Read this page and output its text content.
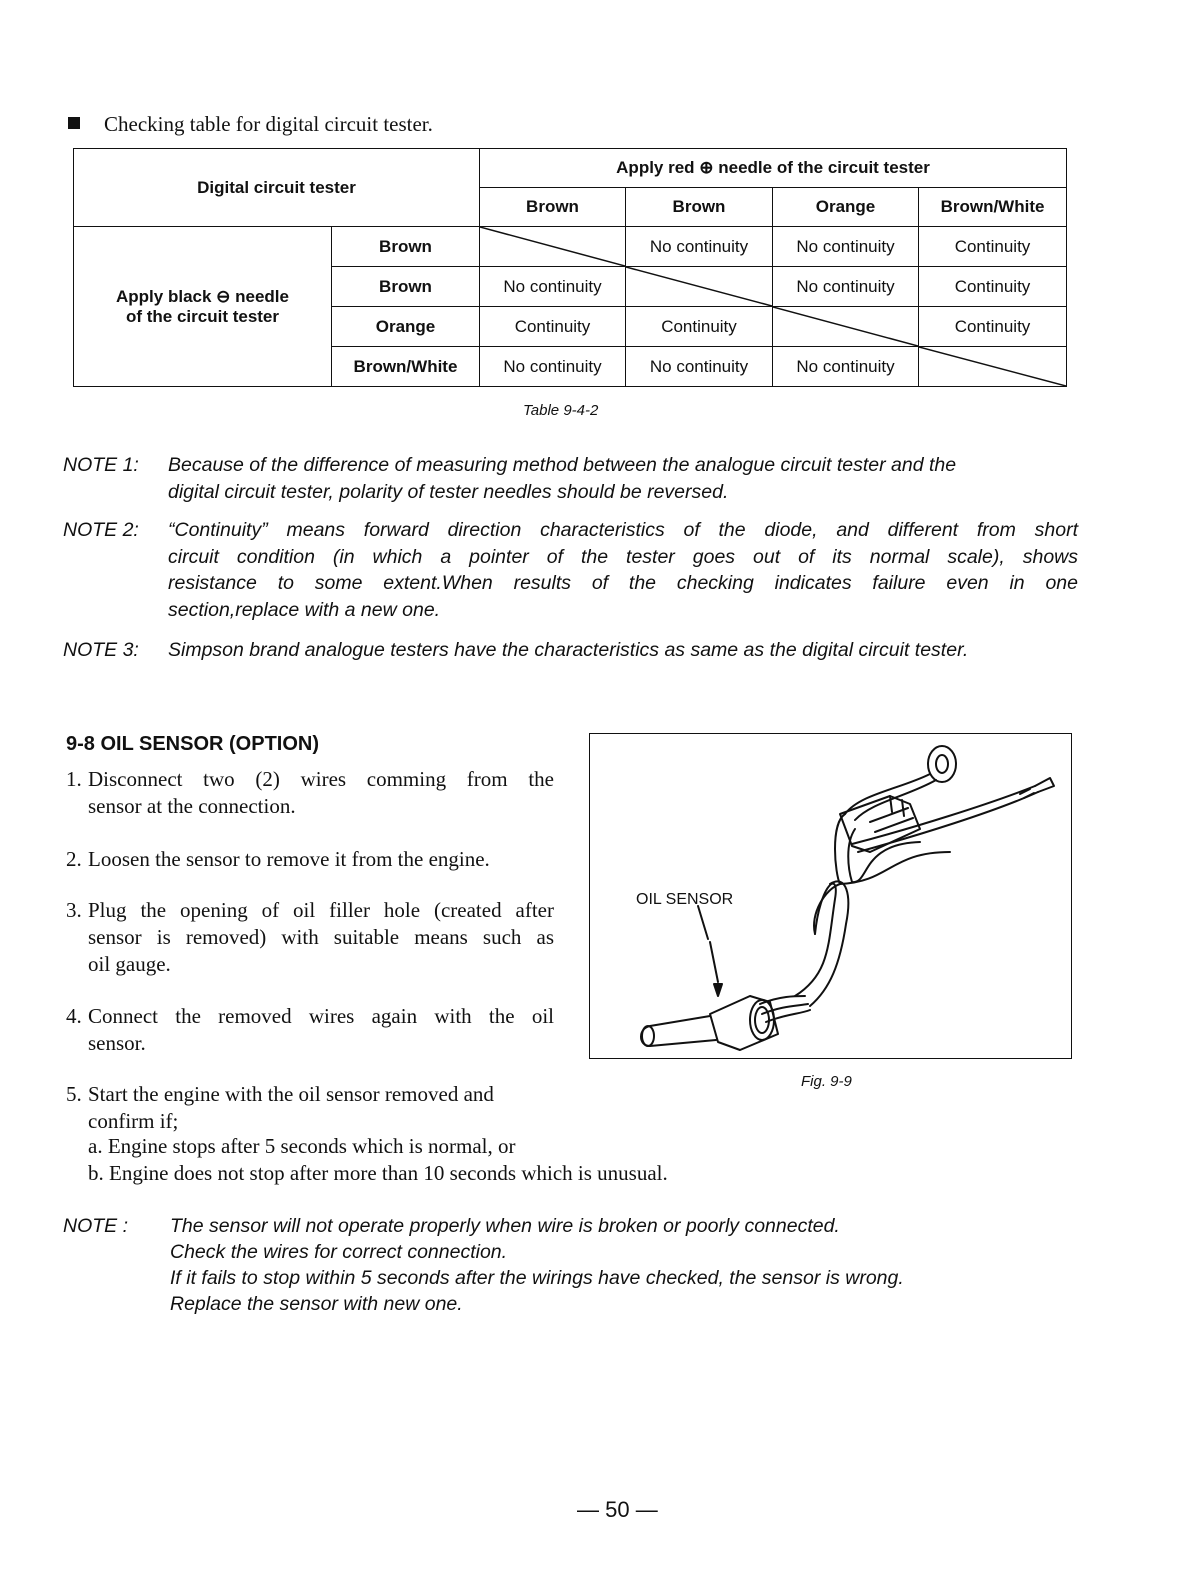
Checking table for digital circuit tester.
Digital circuit tester		Apply red ⊕ needle of the circuit tester			
		Brown	Brown	Orange	Brown/White

Apply black ⊖ needle
of the circuit tester	Brown		No continuity	No continuity	Continuity
	Brown	No continuity		No continuity	Continuity
	Orange	Continuity	Continuity		Continuity
	Brown/White	No continuity	No continuity	No continuity	
Table 9-4-2
NOTE 1: Because of the difference of measuring method between the analogue circuit tester and the
digital circuit tester, polarity of tester needles should be reversed.
NOTE 2: “Continuity” means forward direction characteristics of the diode, and different from short
circuit condition (in which a pointer of the tester goes out of its normal scale), shows
resistance to some extent.When results of the checking indicates failure even in one
section,replace with a new one.
NOTE 3: Simpson brand analogue testers have the characteristics as same as the digital circuit tester.
9-8 OIL SENSOR (OPTION)
1. Disconnect two (2) wires comming from the
sensor at the connection.
2. Loosen the sensor to remove it from the engine.
3. Plug the opening of oil filler hole (created after
sensor is removed) with suitable means such as
oil gauge.
4. Connect the removed wires again with the oil
sensor.
5. Start the engine with the oil sensor removed and
confirm if;
a. Engine stops after 5 seconds which is normal, or
b. Engine does not stop after more than 10 seconds which is unusual.
OIL SENSOR
Fig. 9-9
NOTE : The sensor will not operate properly when wire is broken or poorly connected.
Check the wires for correct connection.
If it fails to stop within 5 seconds after the wirings have checked, the sensor is wrong.
Replace the sensor with new one.
— 50 —
